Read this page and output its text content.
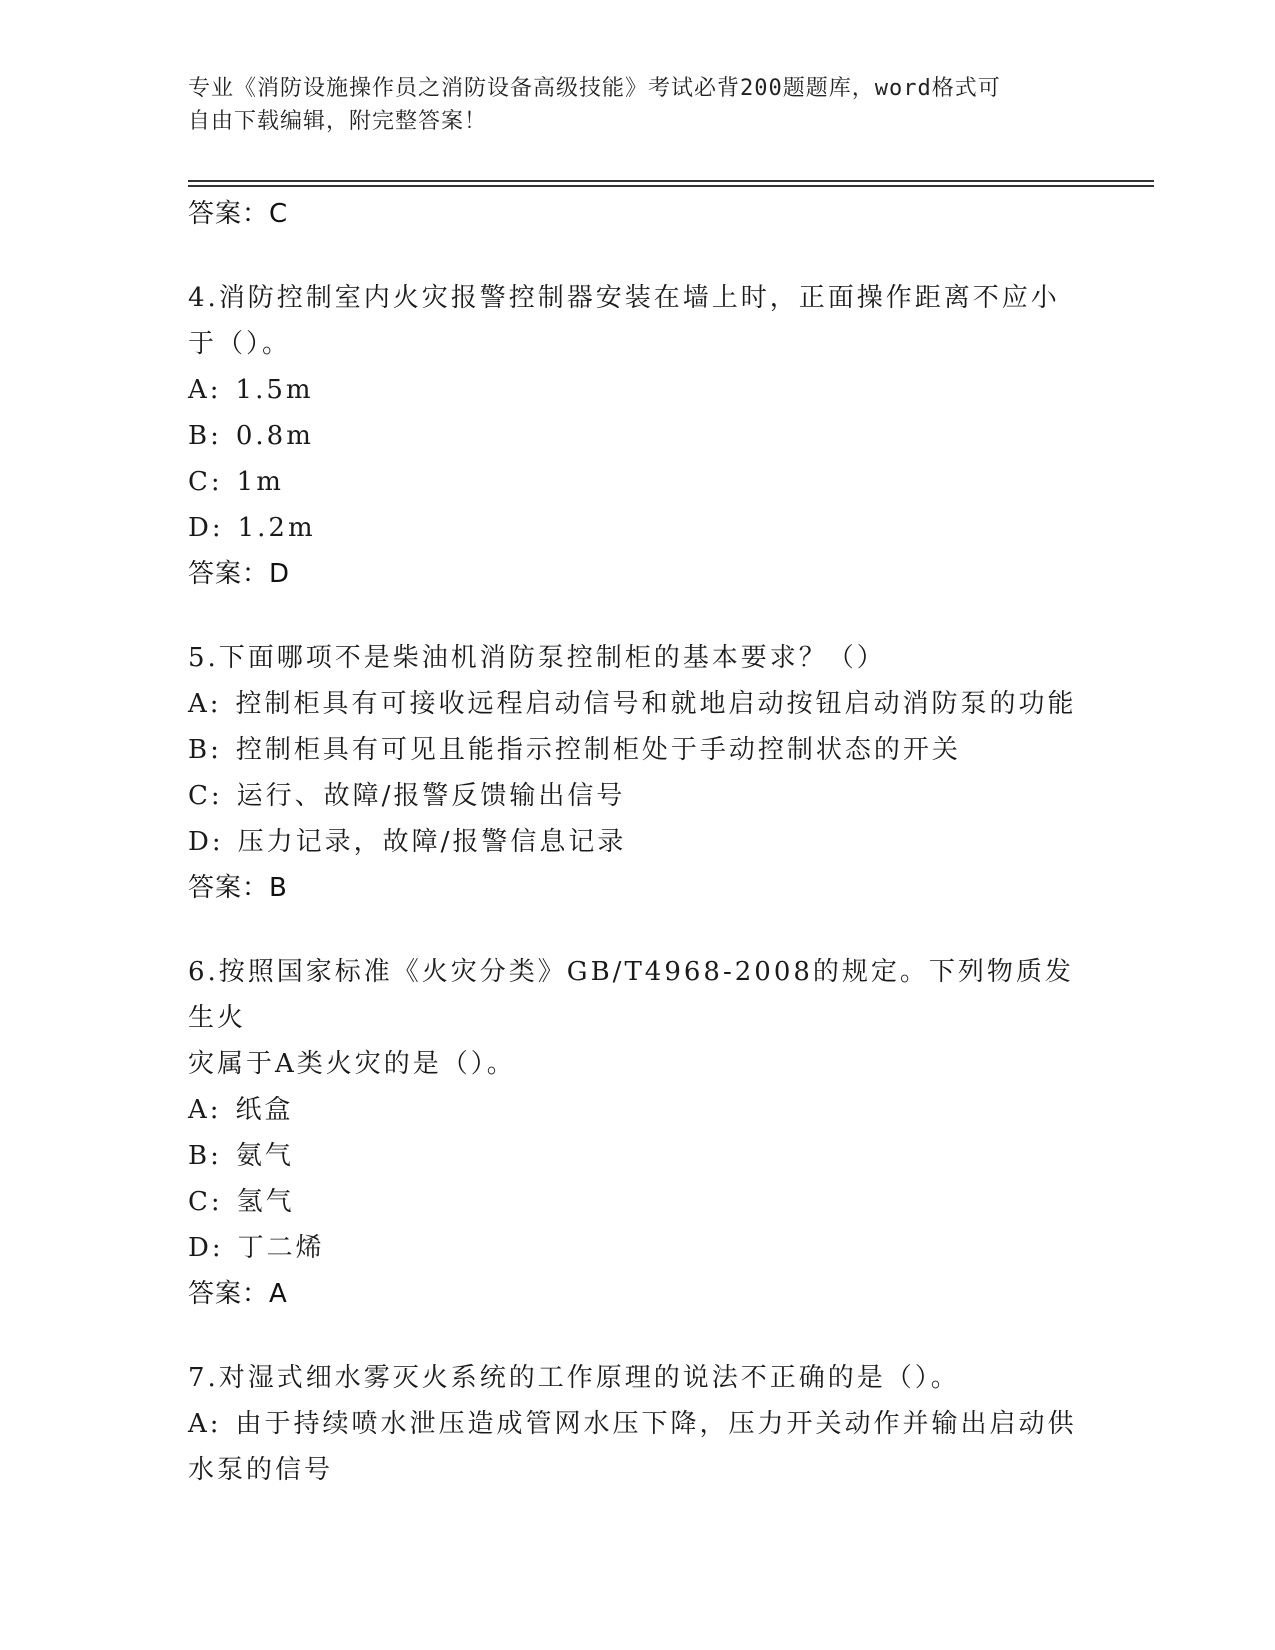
专业《消防设施操作员之消防设备高级技能》考试必背200题题库，word格式可
自由下载编辑，附完整答案！
答案：C

4.消防控制室内火灾报警控制器安装在墙上时，正面操作距离不应小

于（）。

A: 1.5m

B: 0.8m

C: 1m

D: 1.2m

答案：D

5.下面哪项不是柴油机消防泵控制柜的基本要求？（）

A: 控制柜具有可接收远程启动信号和就地启动按钮启动消防泵的功能

B: 控制柜具有可见且能指示控制柜处于手动控制状态的开关

C: 运行、故障/报警反馈输出信号

D: 压力记录，故障/报警信息记录

答案：B

6.按照国家标准《火灾分类》GB/T4968-2008的规定。下列物质发生火

灾属于A类火灾的是（）。

A: 纸盒

B: 氨气

C: 氢气

D: 丁二烯

答案：A

7.对湿式细水雾灭火系统的工作原理的说法不正确的是（）。

A: 由于持续喷水泄压造成管网水压下降，压力开关动作并输出启动供

水泵的信号
